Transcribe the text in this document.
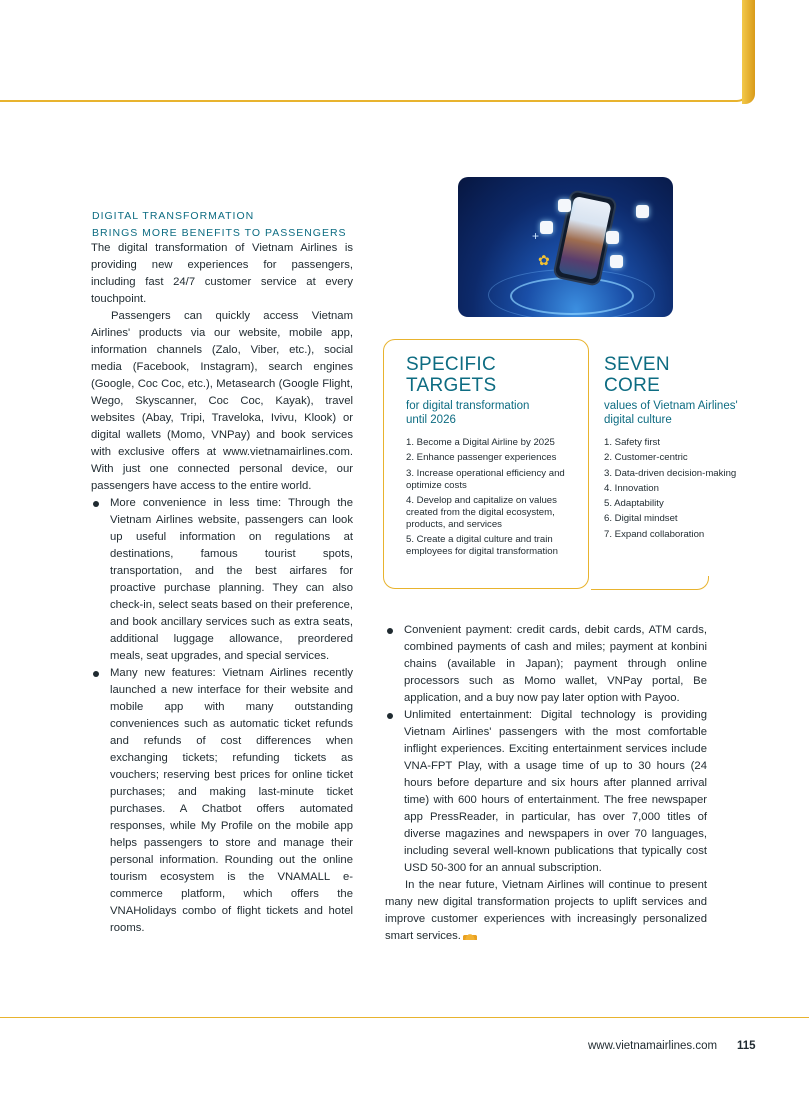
DIGITAL TRANSFORMATION
BRINGS MORE BENEFITS TO PASSENGERS

The digital transformation of Vietnam Airlines is providing new experiences for passengers, including fast 24/7 customer service at every touchpoint.

Passengers can quickly access Vietnam Airlines' products via our website, mobile app, information channels (Zalo, Viber, etc.), social media (Facebook, Instagram), search engines (Google, Coc Coc, etc.), Metasearch (Google Flight, Wego, Skyscanner, Coc Coc, Kayak), travel websites (Abay, Tripi, Traveloka, Ivivu, Klook) or digital wallets (Momo, VNPay) and book services with exclusive offers at www.vietnamairlines.com. With just one connected personal device, our passengers have access to the entire world.

More convenience in less time: Through the Vietnam Airlines website, passengers can look up useful information on regulations at destinations, famous tourist spots, transportation, and the best airfares for proactive purchase planning. They can also check-in, select seats based on their preference, and book ancillary services such as extra seats, additional luggage allowance, preordered meals, seat upgrades, and special services.
Many new features: Vietnam Airlines recently launched a new interface for their website and mobile app with many outstanding conveniences such as automatic ticket refunds and refunds of cost differences when exchanging tickets; refunding tickets as vouchers; reserving best prices for online ticket purchases; and making last-minute ticket purchases. A Chatbot offers automated responses, while My Profile on the mobile app helps passengers to store and manage their personal information. Rounding out the online tourism ecosystem is the VNAMALL e-commerce platform, which offers the VNAHolidays combo of flight tickets and hotel rooms.
✿
+
SPECIFIC
TARGETS
for digital transformation
until 2026
1. Become a Digital Airline by 2025
2. Enhance passenger experiences
3. Increase operational efficiency and optimize costs
4. Develop and capitalize on values created from the digital ecosystem, products, and services
5. Create a digital culture and train employees for digital transformation
SEVEN
CORE
values of Vietnam Airlines'
digital culture
1. Safety first
2. Customer-centric
3. Data-driven decision-making
4. Innovation
5. Adaptability
6. Digital mindset
7. Expand collaboration
Convenient payment: credit cards, debit cards, ATM cards, combined payments of cash and miles; payment at konbini chains (available in Japan); payment through online processors such as Momo wallet, VNPay portal, Be application, and a buy now pay later option with Payoo.
Unlimited entertainment: Digital technology is providing Vietnam Airlines' passengers with the most comfortable inflight experiences. Exciting entertainment services include VNA-FPT Play, with a usage time of up to 30 hours (24 hours before departure and six hours after planned arrival time) with 600 hours of entertainment. The free newspaper app PressReader, in particular, has over 7,000 titles of diverse magazines and newspapers in over 70 languages, including several well-known publications that typically cost USD 50-300 for an annual subscription.

In the near future, Vietnam Airlines will continue to present many new digital transformation projects to uplift services and improve customer experiences with increasingly personalized smart services.

www.vietnamairlines.com 115
